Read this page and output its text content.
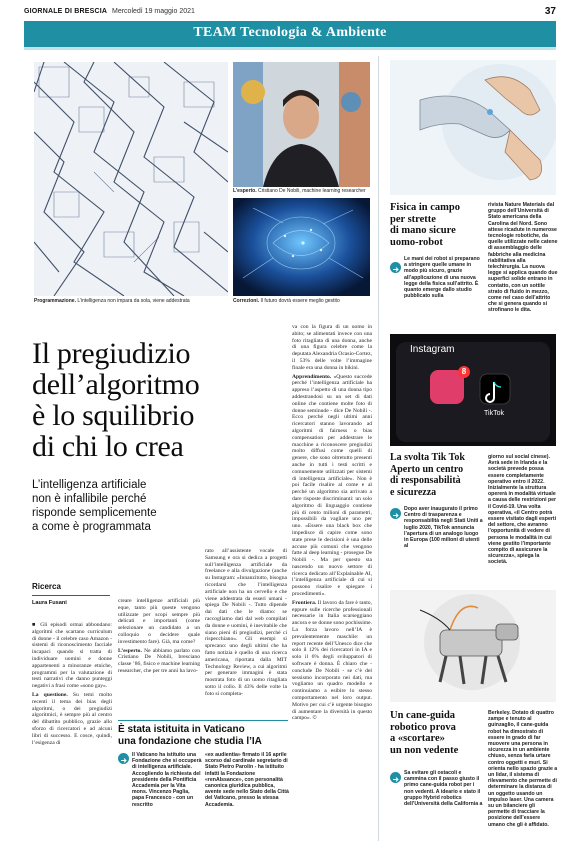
GIORNALE DI BRESCIA Mercoledì 19 maggio 2021	37
TEAM Tecnologia & Ambiente
Programmazione. L’intelligenza non impara da sola, viene addestrata
L’esperto. Cristiano De Nobili, machine learning researcher
Correzioni. Il futuro dovrà essere meglio gestito
Il pregiudizio
dell’algoritmo
è lo squilibrio
di chi lo crea
L’intelligenza artificiale
non è infallibile perché
risponde semplicemente
a come è programmata
Ricerca
Laura Fusani

■ Gli episodi ormai abbondano: algoritmi che scartano curriculum di donne - il celebre caso Amazon - sistemi di riconoscimento facciale incapaci quando si tratta di individuare uomini e donne appartenenti a minoranze etniche, programmi per la valutazione di testi narrativi che danno punteggi negativi a frasi come «sono gay».

La questione. Su temi molto recenti il tema dei bias degli algoritmi, o dei pregiudizi algoritmici, è sempre più al centro del dibattito pubblico, grazie allo sforzo di ricercatori e ad alcuni libri di successo. E cosce, quindi, l’esigenza di

creare intelligenze artificiali più eque, tanto più queste vengono utilizzate per scopi sempre più delicati e importanti (come selezionare un candidato a un colloquio o decidere quale investimento fare). Già, ma come?

L’esperto. Ne abbiamo parlato con Cristiano De Nobili, bresciano classe ’86, fisico e machine learning researcher, che per tre anni ha lavo-

rato all’assistente vocale di Samsung e ora si dedica a progetti sull’intelligenza artificiale da freelance e alla divulgazione (anche su Instagram: «Innanzitutto, bisogna ricordarsi che l’intelligenza artificiale non ha un cervello e che viene addestrata da esseri umani - spiega De Nobili -. Tutto dipende dai dati che le diamo: se raccogliamo dati dal web compilati da donne e uomini, è inevitabile che siano pieni di pregiudizi, perché ci rispecchiano». Gli esempi si sprecano: uno degli ultimi che ha fatto notizia è quello di una ricerca americana, riportata dalla MIT Technology Review, a cui algoritmi per generare immagini è stata mostrata foto di un uomo ritagliata sotto il collo. Il 43% delle volte la foto si completa-

va con la figura di un uomo in abito; se alimentati invece con una foto ritagliata di una donna, anche di una figura celebre come la deputata Alexandria Ocasio-Cortez, il 53% delle volte l’immagine finale era una donna in bikini.

Apprendimento. «Questo succede perché l’intelligenza artificiale ha appreso l’aspetto di una donna tipo addestrandosi su un set di dati online che contiene molte foto di donne seminude - dice De Nobili -. Ecco perché negli ultimi anni ricercatori stanno lavorando ad algoritmi di fairness o bias compensation per addestrare le macchine a riconoscere pregiudizi molto diffusi come quelli di genere, che sono oltretutto presenti anche in tutti i testi scritti e comunemente utilizzati per sistemi di intelligenza artificiale». Non è poi facile risalire al come e al perché un algoritmo sia arrivato a dare risposte discriminanti: un solo algoritmo di linguaggio contiene più di cento milioni di parametri, impossibili da vagliare uno per uno. «Essere una black box che impedisce di capire come sono state prese le decisioni è una delle accuse più comuni che vengono fatte al deep learning - prosegue De Nobili -. Ma per questo sta nascendo un nuovo settore di ricerca dedicato all’Explainable AI, l’intelligenza artificiale di cui si possono risalire e spiegare i procedimenti».

Frontiera. Il lavoro da fare è tanto, eppure sulle ricerche professionali necessarie in Italia scarseggiano ancora e se donne sono pochissime. La forza lavoro nell’IA è prevalentemente maschile: un report recente dell’Unesco dice che solo il 12% dei ricercatori in IA e solo il 6% degli sviluppatori di software è donna. È chiaro che - conclude De Nobili - se c’è del sessismo incorporato nei dati, ma vogliamo un quadro modello e continuiamo a esibire lo stesso comportamento nel loro output. Motivo per cui c’è urgente bisogno di aumentare la diversità in questo campo». ©

È stata istituita in Vaticano
una fondazione che studia l’IA
Il Vaticano ha istituito una Fondazione che si occuperà di intelligenza artificiale. Accogliendo la richiesta del presidente della Pontificia Accademia per la Vita mons. Vincenzo Paglia, papa Francesco - con un rescritto
«ex audientia» firmato il 16 aprile scorso dal cardinale segretario di Stato Pietro Parolin - ha istituito infatti la Fondazione «renAIssance», con personalità canonica giuridica pubblica, avente sede nello Stato della Città del Vaticano, presso la stessa Accademia.
Fisica in campo
per strette
di mano sicure
uomo-robot
Le mani dei robot si preparano a stringere quelle umane in modo più sicuro, grazie all’applicazione di una nuova legge della fisica sull’attrito. È quanto emerge dallo studio pubblicato sulla
rivista Nature Materials dal gruppo dell’Università di Stato americana della Carolina del Nord. Sono attese ricadute in numerose tecnologie robotiche, da quelle utilizzate nelle catene di assemblaggio delle fabbriche alla medicina riabilitativa alla telechirurgia. La nuova legge si applica quando due superfici solide entrano in contatto, con un sottile strato di fluido in mezzo, come nel caso dell’attrito che si genera quando si strofinano le dita.
Instagram
8
TikTok
La svolta Tik Tok
Aperto un centro
di responsabilità
e sicurezza
Dopo aver inaugurato il primo Centro di trasparenza e responsabilità negli Stati Uniti a luglio 2020, TikTok annuncia l’apertura di un analogo luogo in Europa (100 milioni di utenti al
giorno sul social cinese). Avrà sede in Irlanda e la società prevede possa essere completamente operativo entro il 2022. Inizialmente la struttura opererà in modalità virtuale a causa delle restrizioni per il Covid-19. Una volta operativa, «il Centro potrà essere visitato dagli esperti del settore, che avranno l’opportunità di vedere di persona le modalità in cui viene gestito l’importante compito di assicurare la sicurezza», spiega la società.
Un cane-guida
robotico prova
a «scortare»
un non vedente
Sa evitare gli ostacoli e cammina con il passo giusto il primo cane-guida robot per i non vedenti. A ideario e stato il gruppo Hybrid robotics dell’Università della California a
Berkeley. Dotato di quattro zampe e tenuto al guinzaglio, il cane-guida robot ha dimostrato di essere in grado di far muovere una persona in sicurezza in un ambiente chiuso, senza farla urtare contro oggetti e muri. Si orienta nello spazio grazie a un lidar, il sistema di rilevamento che permette di determinare la distanza di un oggetto usando un impulso laser. Una camera su un bilanciere gli permette di tracciare la posizione dell’essere umano che gli è affidato.
